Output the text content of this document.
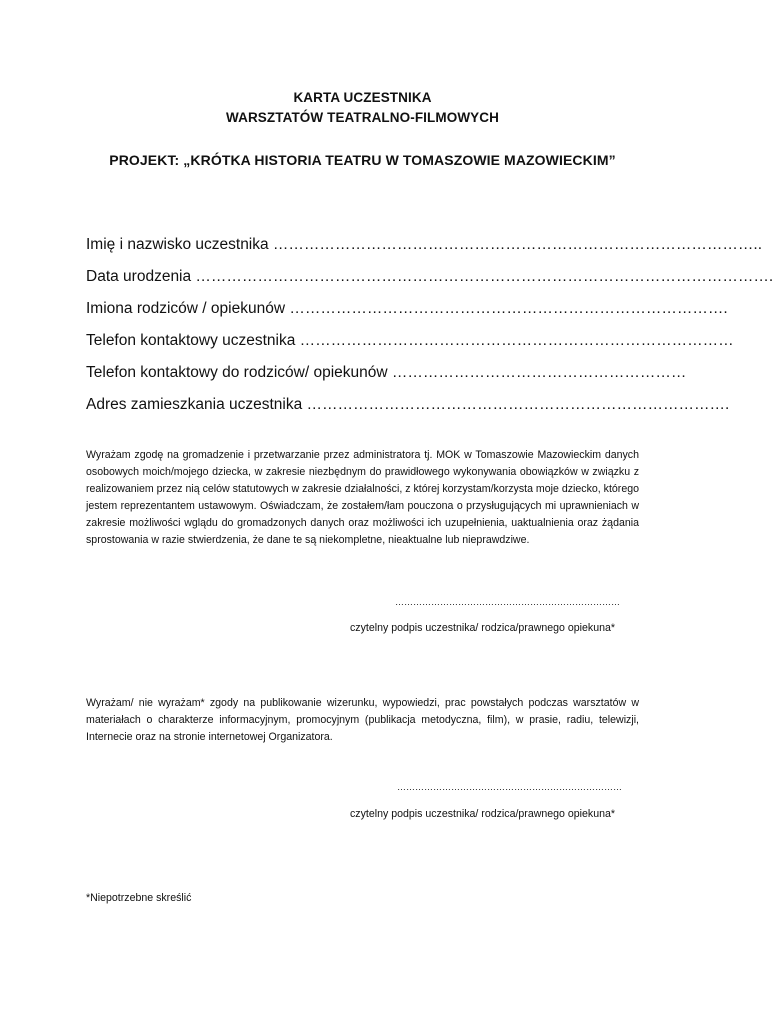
KARTA UCZESTNIKA
WARSZTATÓW TEATRALNO-FILMOWYCH
PROJEKT: „KRÓTKA HISTORIA TEATRU W TOMASZOWIE MAZOWIECKIM”
Imię i nazwisko uczestnika …………………………………………………………………………………..
Data urodzenia ………………………………………………………………………………………………….
Imiona rodziców / opiekunów ………………………………………………………………………….
Telefon kontaktowy uczestnika …………………………………………………………………………
Telefon kontaktowy do rodziców/ opiekunów …………………………………………………
Adres zamieszkania uczestnika ……………………………………………………………………….
Wyrażam zgodę na gromadzenie i przetwarzanie przez administratora tj. MOK w Tomaszowie Mazowieckim danych osobowych moich/mojego dziecka, w zakresie niezbędnym do prawidłowego wykonywania obowiązków w związku z realizowaniem przez nią celów statutowych w zakresie działalności, z której korzystam/korzysta moje dziecko, którego jestem reprezentantem ustawowym. Oświadczam, że zostałem/łam pouczona o przysługujących mi uprawnieniach w zakresie możliwości wglądu do gromadzonych danych oraz możliwości ich uzupełnienia, uaktualnienia oraz żądania sprostowania w razie stwierdzenia, że dane te są niekompletne, nieaktualne lub nieprawdziwe.
…………………………………………………………………
czytelny podpis uczestnika/ rodzica/prawnego opiekuna*
Wyrażam/ nie wyrażam* zgody na publikowanie wizerunku, wypowiedzi, prac powstałych podczas warsztatów w materiałach o charakterze informacyjnym, promocyjnym (publikacja metodyczna, film), w prasie, radiu, telewizji, Internecie oraz na stronie internetowej Organizatora.
…………………………………………………………………
czytelny podpis uczestnika/ rodzica/prawnego opiekuna*
*Niepotrzebne skreślić
